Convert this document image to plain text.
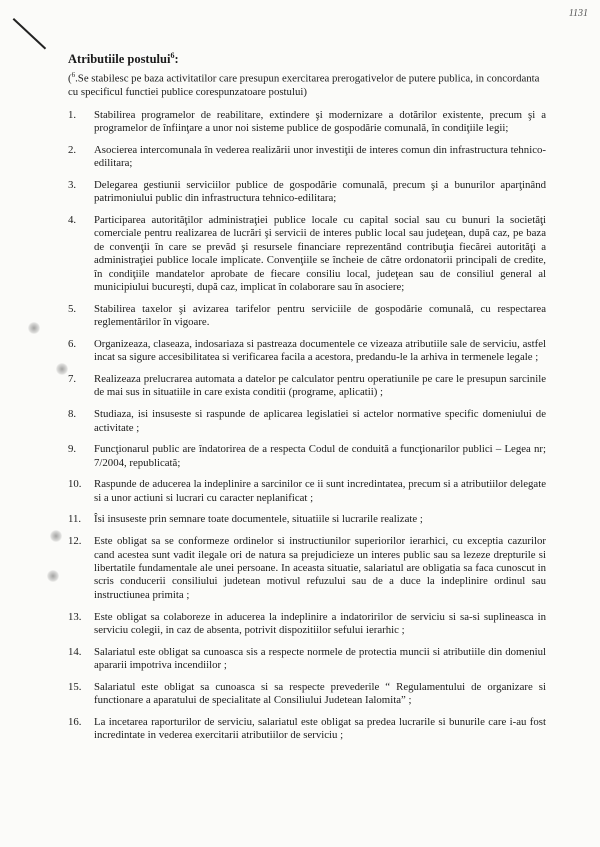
1131
Atributiile postului$^6$:
($^6$.Se stabilesc pe baza activitatilor care presupun exercitarea prerogativelor de putere publica, in concordanta cu specificul functiei publice corespunzatoare postului)
1.	Stabilirea programelor de reabilitare, extindere şi modernizare a dotărilor existente, precum şi a programelor de înfiinţare a unor noi sisteme publice de gospodărie comunală, în condiţiile legii;
2.	Asocierea intercomunala în vederea realizării unor investiţii de interes comun din infrastructura tehnico-edilitara;
3.	Delegarea gestiunii serviciilor publice de gospodărie comunală, precum şi a bunurilor aparţinând patrimoniului public din infrastructura tehnico-edilitara;
4.	Participarea autorităţilor administraţiei publice locale cu capital social sau cu bunuri la societăţi comerciale pentru realizarea de lucrări şi servicii de interes public local sau judeţean, după caz, pe baza de convenţii în care se prevăd şi resursele financiare reprezentând contribuţia fiecărei autorităţi a administraţiei publice locale implicate. Convenţiile se încheie de către ordonatorii principali de credite, în condiţiile mandatelor aprobate de fiecare consiliu local, judeţean sau de consiliul general al municipiului bucureşti, după caz, implicat în colaborare sau în asociere;
5.	Stabilirea taxelor şi avizarea tarifelor pentru serviciile de gospodărie comunală, cu respectarea reglementărilor în vigoare.
6.	Organizeaza, claseaza, indosariaza si pastreaza documentele ce vizeaza atributiile sale de serviciu, astfel incat sa sigure accesibilitatea si verificarea facila a acestora, predandu-le la arhiva in termenele legale ;
7.	Realizeaza prelucrarea automata a datelor pe calculator pentru operatiunile pe care le presupun sarcinile de mai sus in situatiile in care exista conditii (programe, aplicatii) ;
8.	Studiaza, isi insuseste si raspunde de aplicarea legislatiei si actelor normative specific domeniului de activitate ;
9.	Funcţionarul public are îndatorirea de a respecta Codul de conduită a funcţionarilor publici – Legea nr; 7/2004, republicată;
10.	Raspunde de aducerea la indeplinire a sarcinilor ce ii sunt incredintatea, precum si a atributiilor delegate si a unor actiuni si lucrari cu caracter neplanificat ;
11.	Îsi insuseste prin semnare toate documentele, situatiile si lucrarile realizate ;
12.	Este obligat sa se conformeze ordinelor si instructiunilor superiorilor ierarhici, cu exceptia cazurilor cand acestea sunt vadit ilegale ori de natura sa prejudicieze un interes public sau sa lezeze drepturile si libertatile fundamentale ale unei persoane. In aceasta situatie, salariatul are obligatia sa faca cunoscut in scris conducerii consiliului judetean motivul refuzului sau de a duce la indeplinire ordinul sau instructiunea primita ;
13.	Este obligat sa colaboreze in aducerea la indeplinire a indatoririlor de serviciu si sa-si suplineasca in serviciu colegii, in caz de absenta, potrivit dispozitiilor sefului ierarhic ;
14.	Salariatul este obligat sa cunoasca sis a respecte normele de protectia muncii si atributiile din domeniul apararii impotriva incendiilor ;
15.	Salariatul este obligat sa cunoasca si sa respecte prevederile “ Regulamentului de organizare si functionare a aparatului de specialitate al Consiliului Judetean Ialomita” ;
16.	La incetarea raporturilor de serviciu, salariatul este obligat sa predea lucrarile si bunurile care i-au fost incredintate in vederea exercitarii atributiilor de serviciu ;
